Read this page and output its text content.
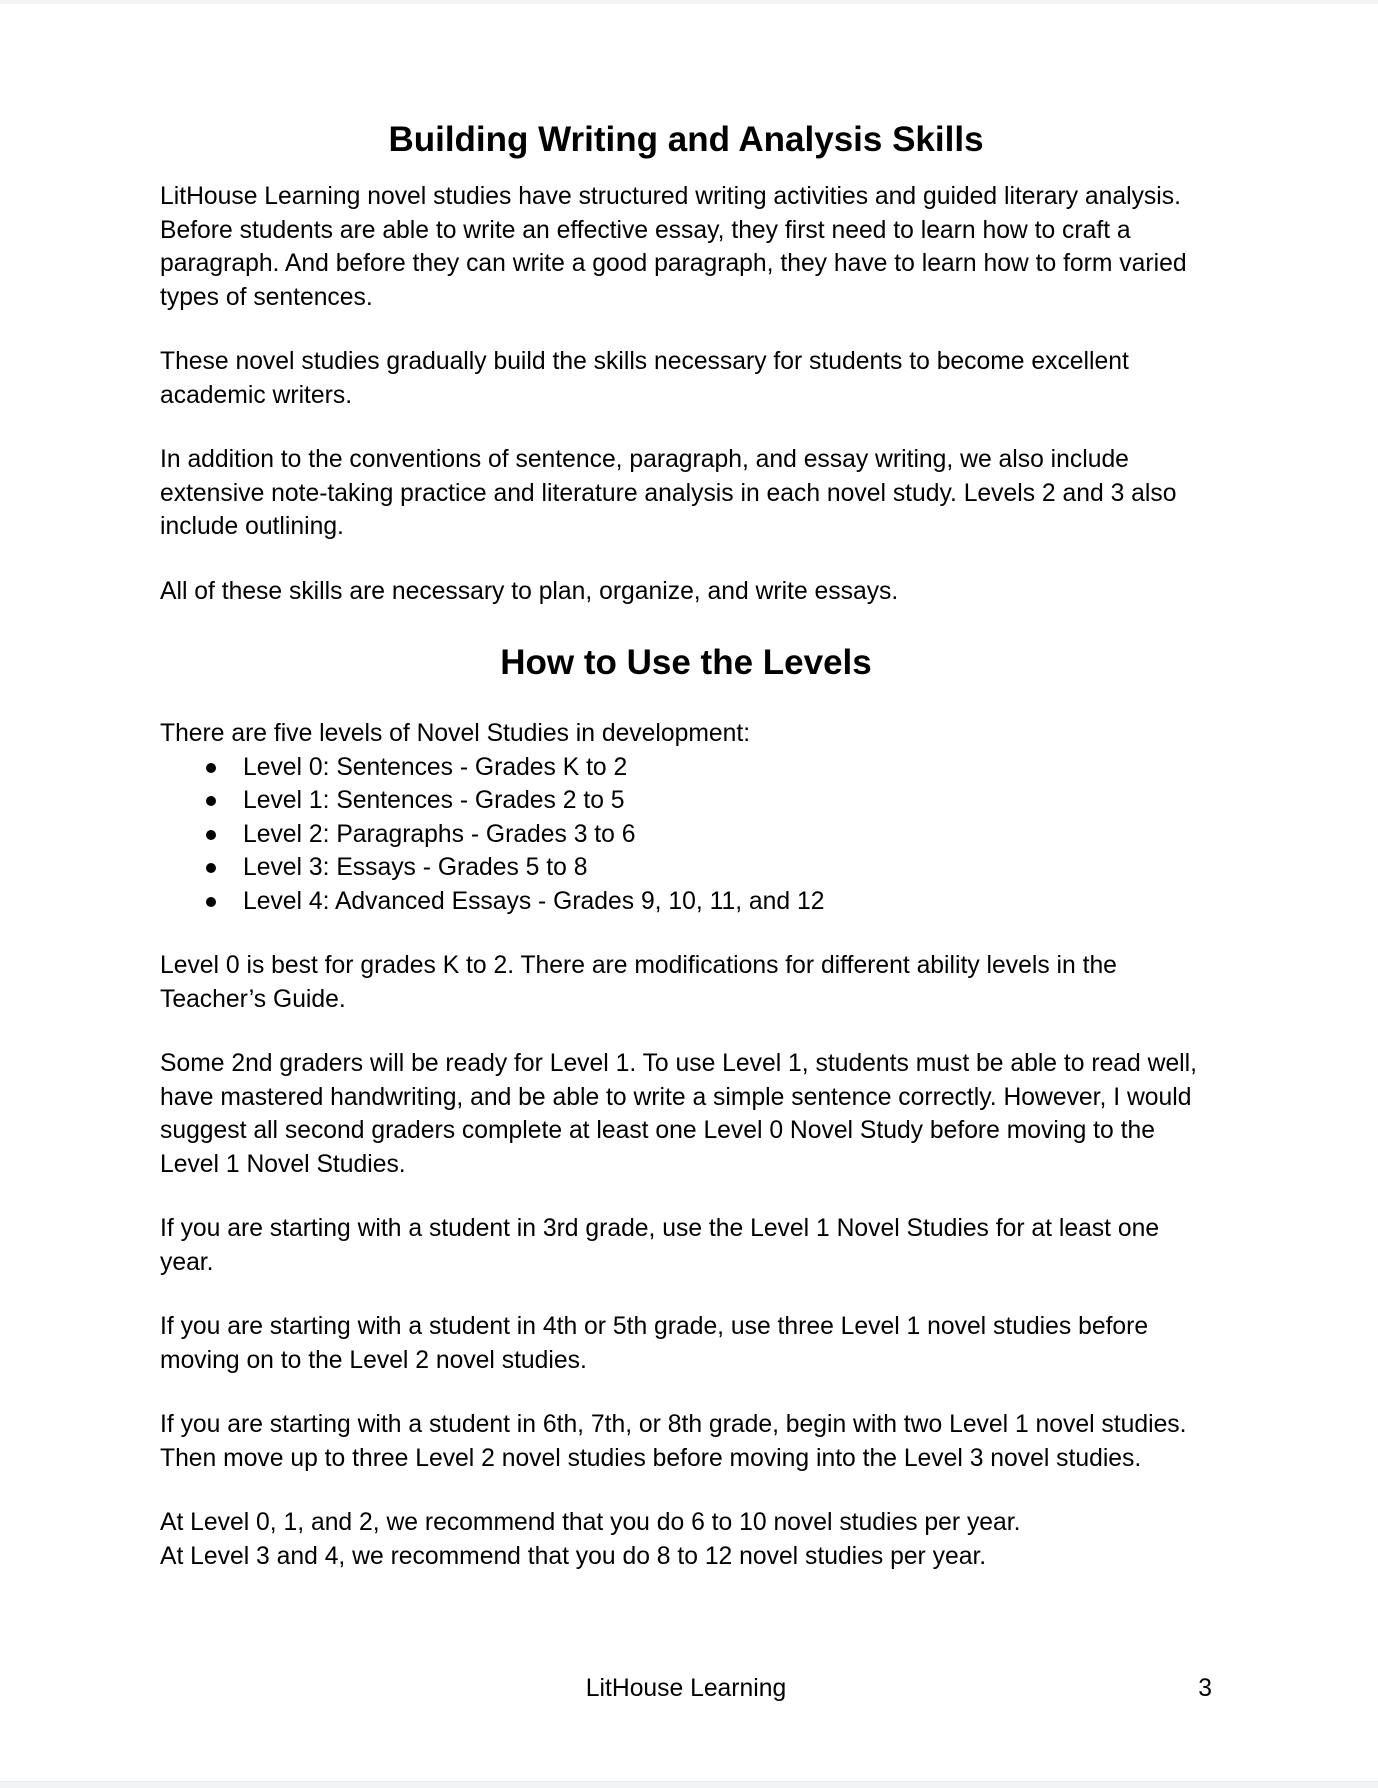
Building Writing and Analysis Skills

LitHouse Learning novel studies have structured writing activities and guided literary analysis. Before students are able to write an effective essay, they first need to learn how to craft a paragraph. And before they can write a good paragraph, they have to learn how to form varied types of sentences.

These novel studies gradually build the skills necessary for students to become excellent academic writers.

In addition to the conventions of sentence, paragraph, and essay writing, we also include extensive note-taking practice and literature analysis in each novel study. Levels 2 and 3 also include outlining.

All of these skills are necessary to plan, organize, and write essays.

How to Use the Levels

There are five levels of Novel Studies in development:

Level 0: Sentences - Grades K to 2
Level 1: Sentences - Grades 2 to 5
Level 2: Paragraphs - Grades 3 to 6
Level 3: Essays - Grades 5 to 8
Level 4: Advanced Essays - Grades 9, 10, 11, and 12

Level 0 is best for grades K to 2. There are modifications for different ability levels in the Teacher’s Guide.

Some 2nd graders will be ready for Level 1. To use Level 1, students must be able to read well, have mastered handwriting, and be able to write a simple sentence correctly. However, I would suggest all second graders complete at least one Level 0 Novel Study before moving to the Level 1 Novel Studies.

If you are starting with a student in 3rd grade, use the Level 1 Novel Studies for at least one year.

If you are starting with a student in 4th or 5th grade, use three Level 1 novel studies before moving on to the Level 2 novel studies.

If you are starting with a student in 6th, 7th, or 8th grade, begin with two Level 1 novel studies. Then move up to three Level 2 novel studies before moving into the Level 3 novel studies.

At Level 0, 1, and 2, we recommend that you do 6 to 10 novel studies per year.
At Level 3 and 4, we recommend that you do 8 to 12 novel studies per year.
LitHouse Learning	3
